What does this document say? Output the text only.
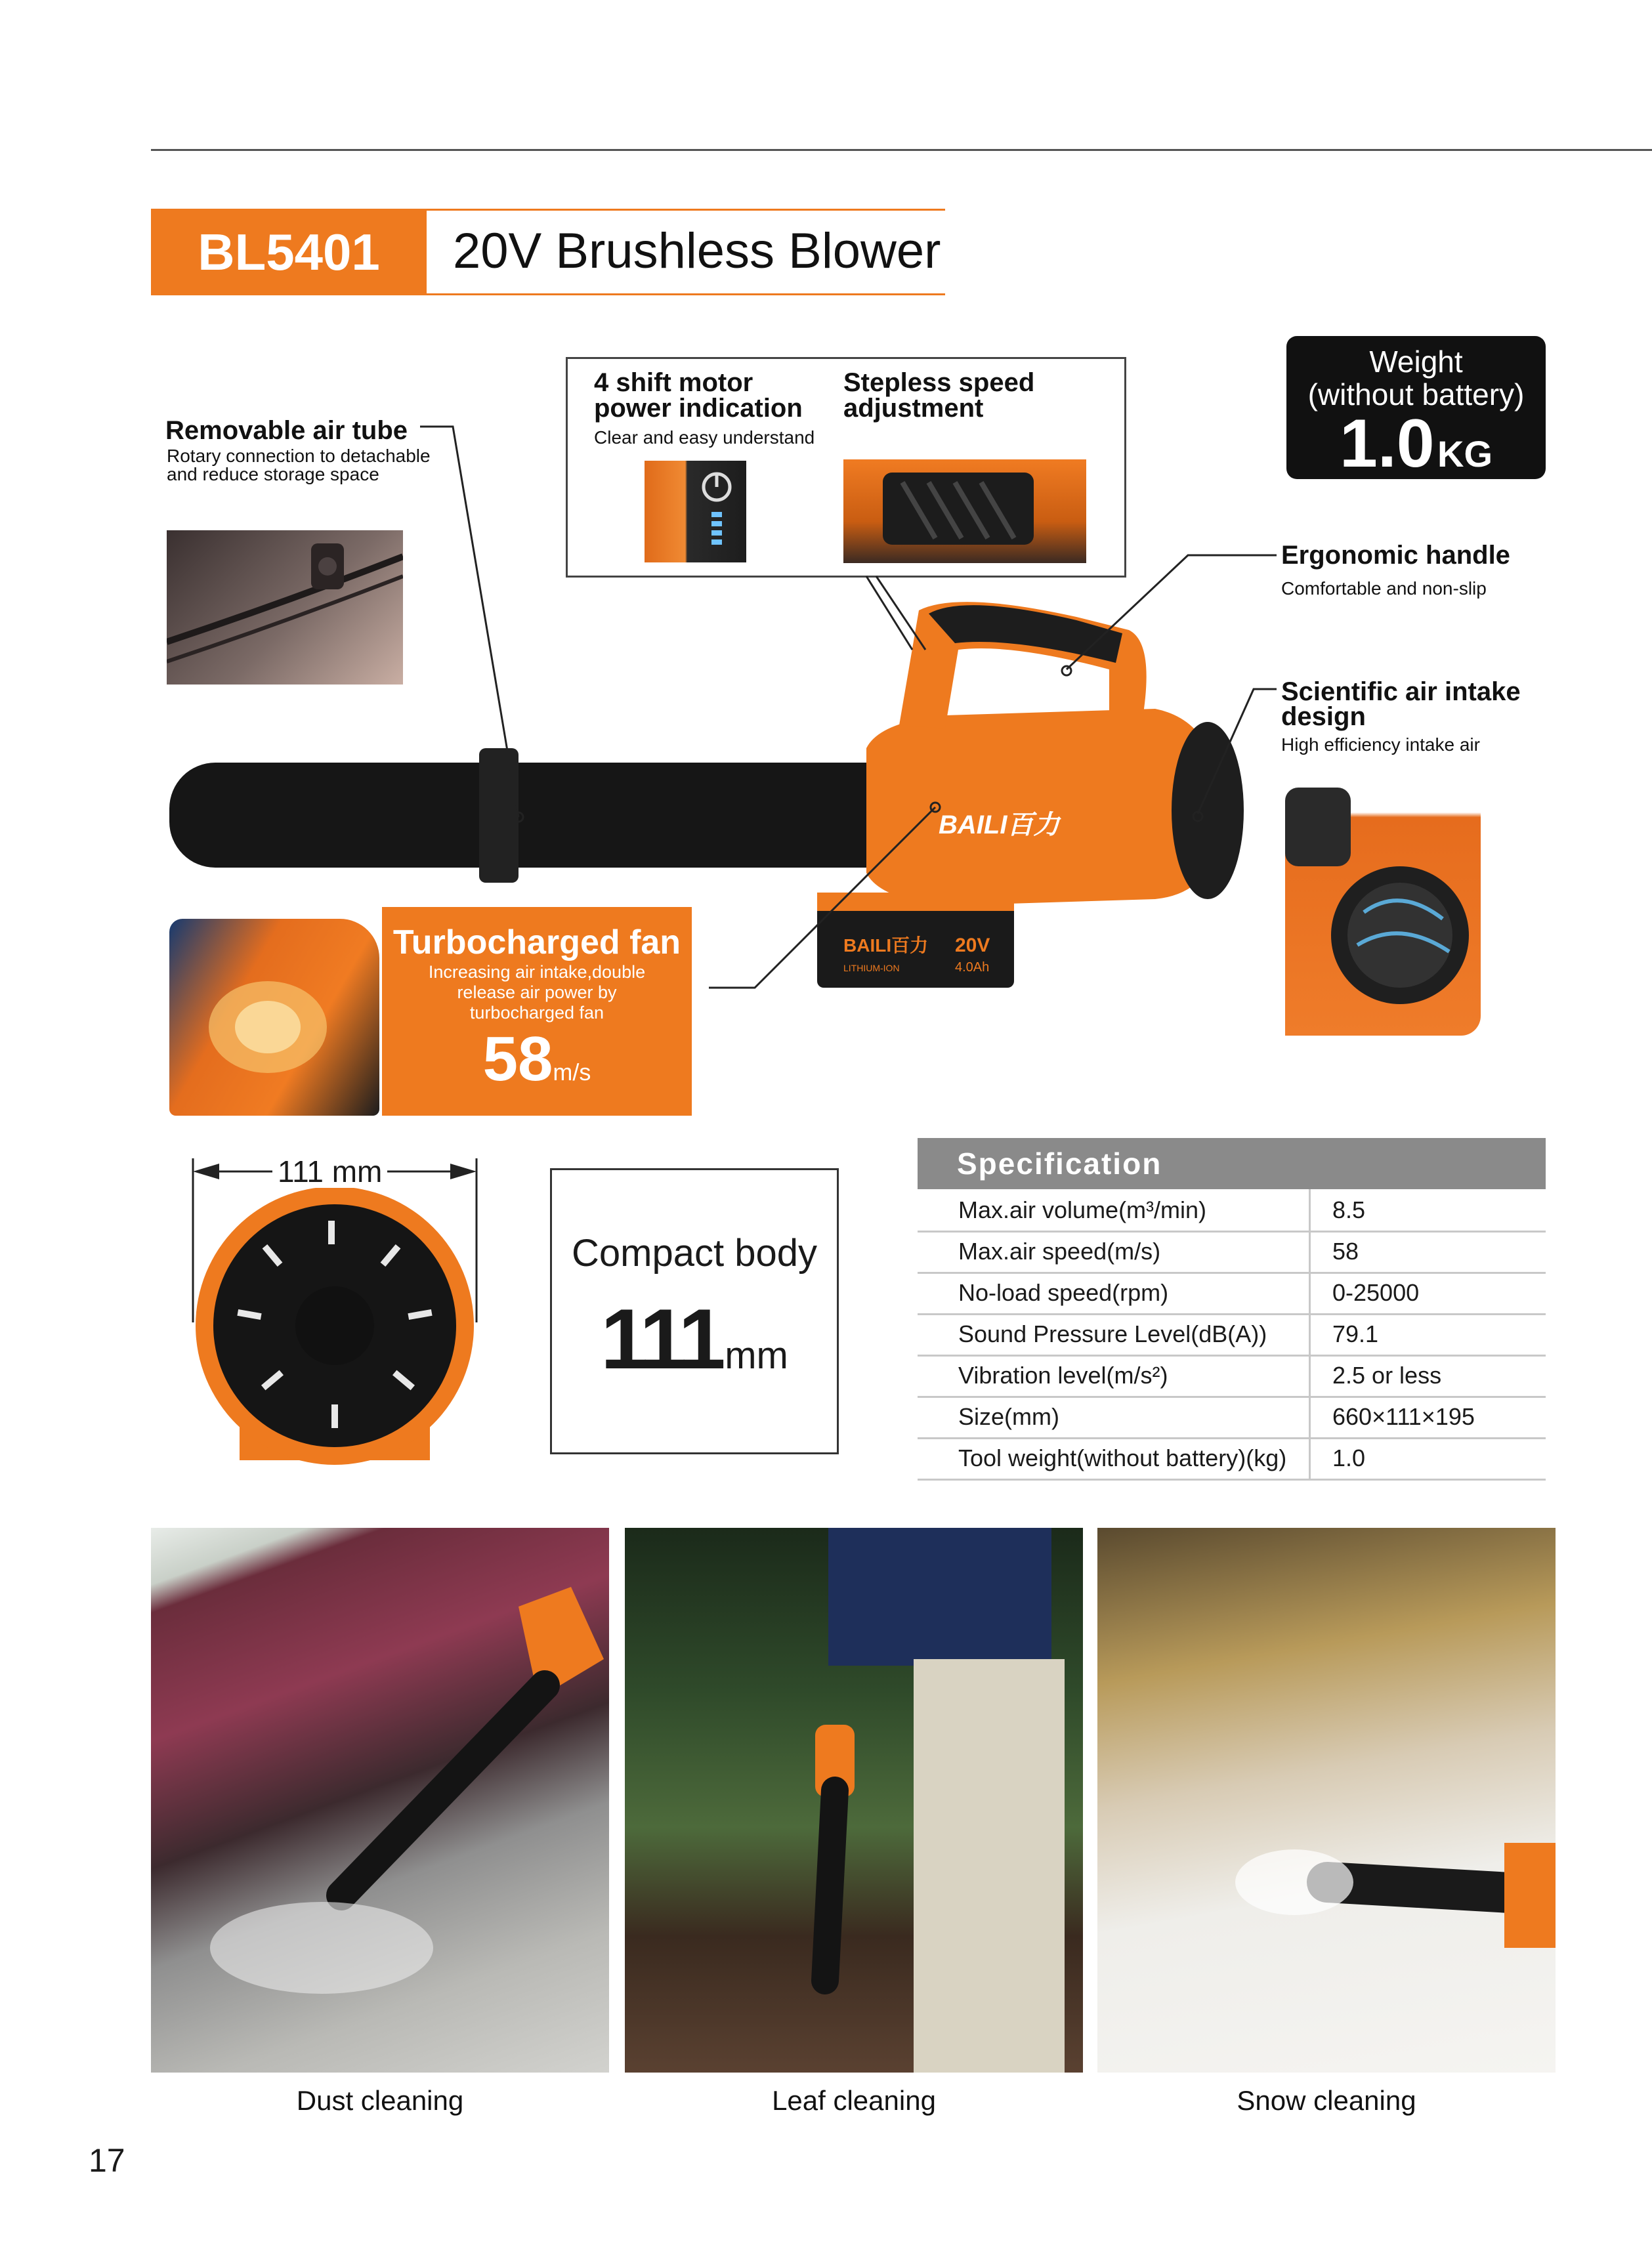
BL5401	20V Brushless Blower
Removable air tube
Rotary connection to detachable
and reduce storage space
4 shift motor
power indication
Clear and easy understand
Stepless speed
adjustment
Weight
(without battery)
1.0 KG
Ergonomic handle
Comfortable and non-slip
Scientific air intake
design
High efficiency intake air
BAILI百力 20V
4.0Ah
LITHIUM-ION
BAILI百力
Turbocharged fan
Increasing air intake,double
release air power by
turbocharged fan
58m/s
111 mm
Compact body
111 mm
Specification
Max.air volume(m³/min)	8.5
Max.air speed(m/s)	58
No-load speed(rpm)	0-25000
Sound Pressure Level(dB(A))	79.1
Vibration level(m/s²)	2.5 or less
Size(mm)	660×111×195
Tool weight(without battery)(kg) 1.0
Dust cleaning	Leaf cleaning	Snow cleaning
17
